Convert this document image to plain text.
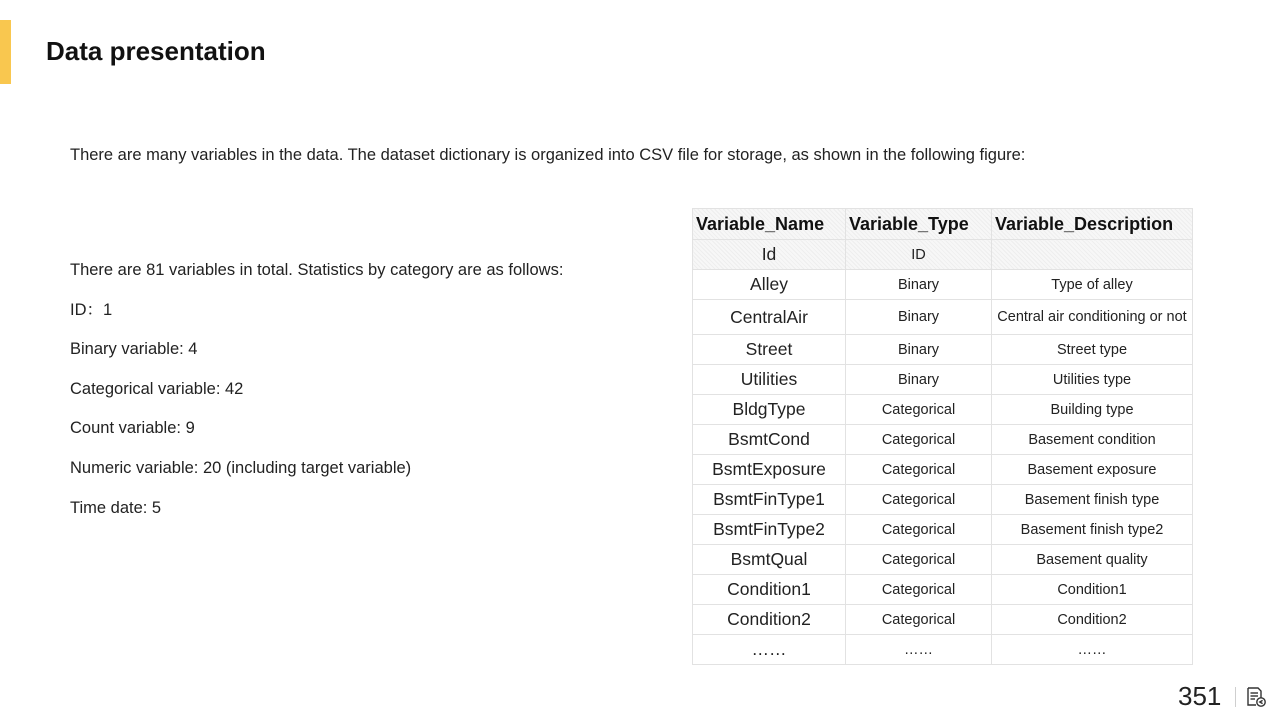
Data presentation
There are many variables in the data. The dataset dictionary is organized into CSV file for storage, as shown in the following figure:
There are 81 variables in total. Statistics by category are as follows:
ID：1
Binary variable: 4
Categorical variable: 42
Count variable: 9
Numeric variable: 20 (including target variable)
Time date: 5
Variable_Name	Variable_Type	Variable_Description
Id	ID	
Alley	Binary	Type of alley
CentralAir	Binary	Central air conditioning or not
Street	Binary	Street type
Utilities	Binary	Utilities type
BldgType	Categorical	Building type
BsmtCond	Categorical	Basement condition
BsmtExposure	Categorical	Basement exposure
BsmtFinType1	Categorical	Basement finish type
BsmtFinType2	Categorical	Basement finish type2
BsmtQual	Categorical	Basement quality
Condition1	Categorical	Condition1
Condition2	Categorical	Condition2
……	……	……
351
